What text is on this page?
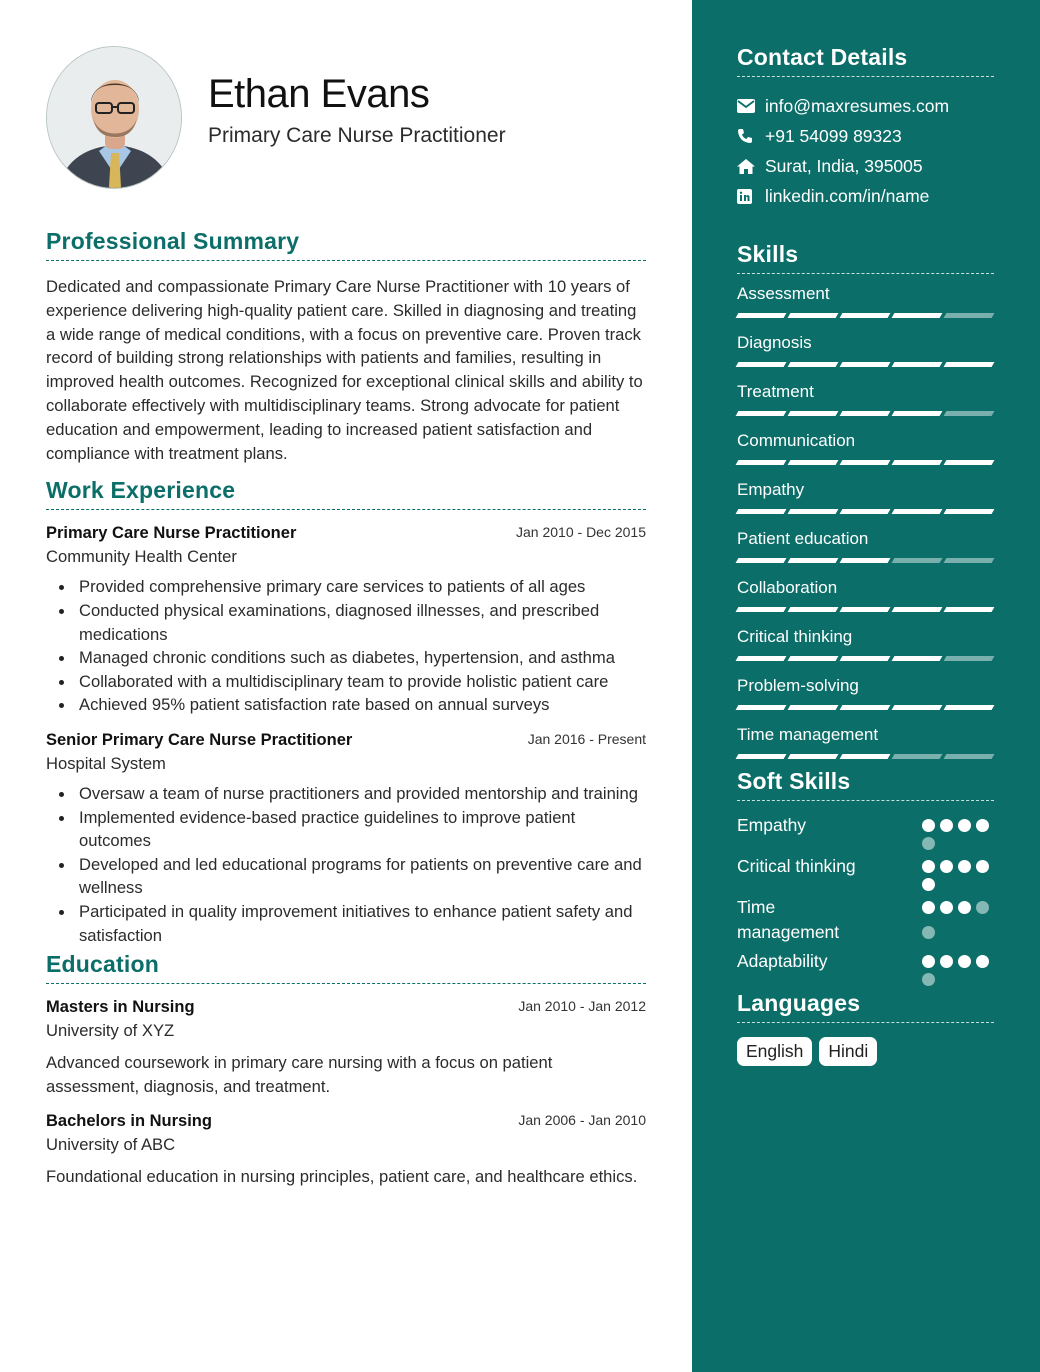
Ethan Evans
Primary Care Nurse Practitioner
Professional Summary
Dedicated and compassionate Primary Care Nurse Practitioner with 10 years of experience delivering high-quality patient care. Skilled in diagnosing and treating a wide range of medical conditions, with a focus on preventive care. Proven track record of building strong relationships with patients and families, resulting in improved health outcomes. Recognized for exceptional clinical skills and ability to collaborate effectively with multidisciplinary teams. Strong advocate for patient education and empowerment, leading to increased patient satisfaction and compliance with treatment plans.
Work Experience
Primary Care Nurse Practitioner	Jan 2010 - Dec 2015
Community Health Center
Provided comprehensive primary care services to patients of all ages
Conducted physical examinations, diagnosed illnesses, and prescribed medications
Managed chronic conditions such as diabetes, hypertension, and asthma
Collaborated with a multidisciplinary team to provide holistic patient care
Achieved 95% patient satisfaction rate based on annual surveys
Senior Primary Care Nurse Practitioner	Jan 2016 - Present
Hospital System
Oversaw a team of nurse practitioners and provided mentorship and training
Implemented evidence-based practice guidelines to improve patient outcomes
Developed and led educational programs for patients on preventive care and wellness
Participated in quality improvement initiatives to enhance patient safety and satisfaction
Education
Masters in Nursing	Jan 2010 - Jan 2012
University of XYZ
Advanced coursework in primary care nursing with a focus on patient assessment, diagnosis, and treatment.
Bachelors in Nursing	Jan 2006 - Jan 2010
University of ABC
Foundational education in nursing principles, patient care, and healthcare ethics.
Contact Details
info@maxresumes.com
+91 54099 89323
Surat, India, 395005
linkedin.com/in/name
Skills
Assessment
Diagnosis
Treatment
Communication
Empathy
Patient education
Collaboration
Critical thinking
Problem-solving
Time management
Soft Skills
Empathy
Critical thinking
Time management
Adaptability
Languages
English	Hindi
